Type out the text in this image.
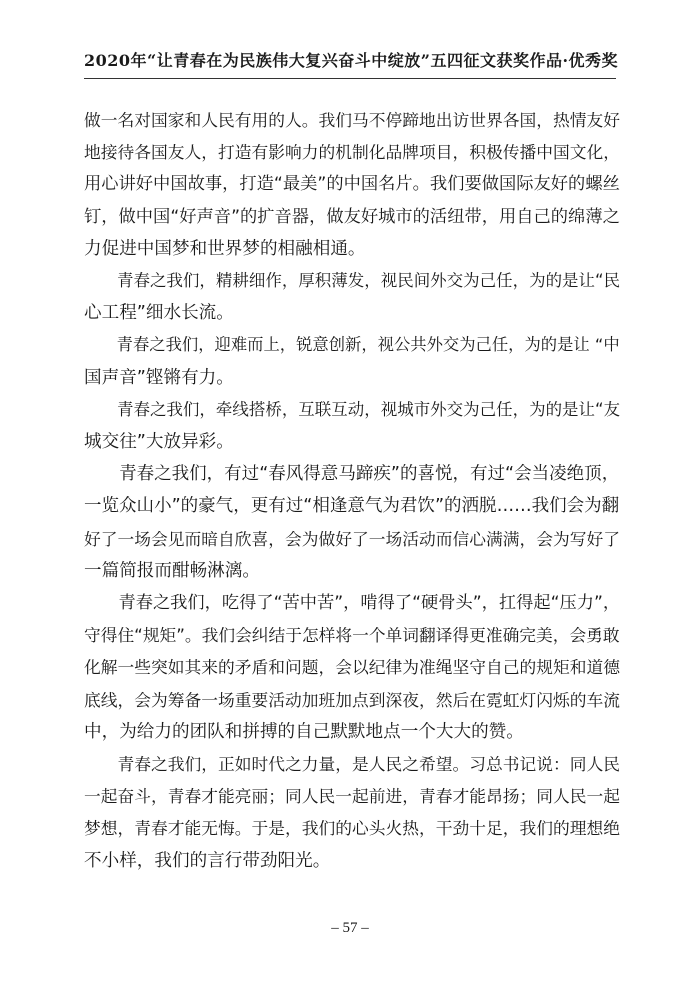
2020年“让青春在为民族伟大复兴奋斗中绽放”五四征文获奖作品·优秀奖

做一名对国家和人民有用的人。我们马不停蹄地出访世界各国，热情友好
地接待各国友人，打造有影响力的机制化品牌项目，积极传播中国文化，
用心讲好中国故事，打造“最美”的中国名片。我们要做国际友好的螺丝
钉，做中国“好声音”的扩音器，做友好城市的活纽带，用自己的绵薄之
力促进中国梦和世界梦的相融相通。

青春之我们，精耕细作，厚积薄发，视民间外交为己任，为的是让“民
心工程”细水长流。

青春之我们，迎难而上，锐意创新，视公共外交为己任，为的是让 “中
国声音”铿锵有力。

青春之我们，牵线搭桥，互联互动，视城市外交为己任，为的是让“友
城交往”大放异彩。

青春之我们，有过“春风得意马蹄疾”的喜悦，有过“会当凌绝顶，
一览众山小”的豪气，更有过“相逢意气为君饮”的洒脱……我们会为翻
好了一场会见而暗自欣喜，会为做好了一场活动而信心满满，会为写好了
一篇简报而酣畅淋漓。

青春之我们，吃得了“苦中苦”，啃得了“硬骨头”，扛得起“压力”，
守得住“规矩”。我们会纠结于怎样将一个单词翻译得更准确完美，会勇敢
化解一些突如其来的矛盾和问题，会以纪律为准绳坚守自己的规矩和道德
底线，会为筹备一场重要活动加班加点到深夜，然后在霓虹灯闪烁的车流
中，为给力的团队和拼搏的自己默默地点一个大大的赞。

青春之我们，正如时代之力量，是人民之希望。习总书记说：同人民
一起奋斗，青春才能亮丽；同人民一起前进，青春才能昂扬；同人民一起
梦想，青春才能无悔。于是，我们的心头火热，干劲十足，我们的理想绝
不小样，我们的言行带劲阳光。

– 57 –
